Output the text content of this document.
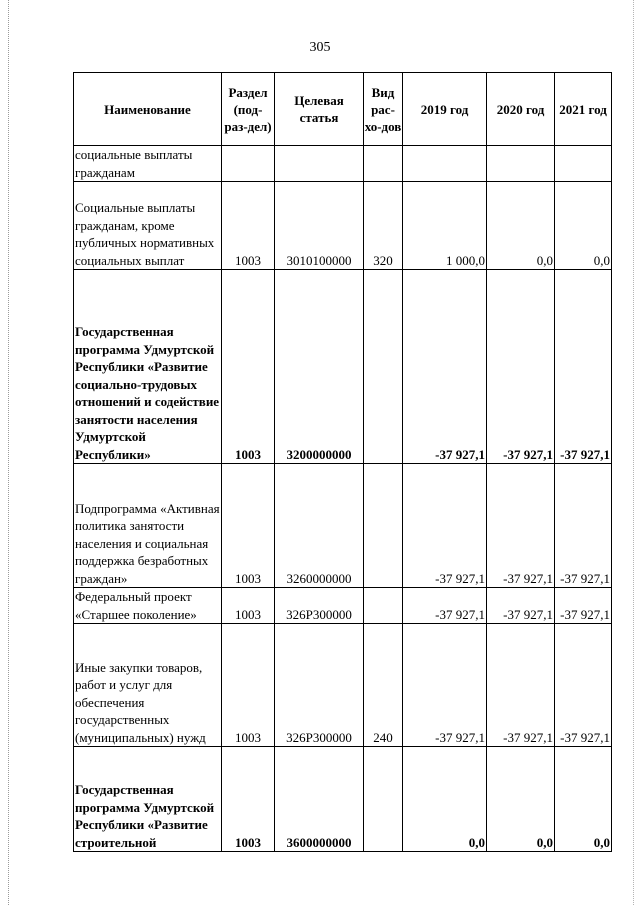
305
Наименование	Раздел (под-раз-дел)	Целевая статья	Вид рас-хо-дов	2019 год	2020 год	2021 год
социальные выплаты гражданам						
Социальные выплаты гражданам, кроме публичных нормативных социальных выплат	1003	3010100000	320	1 000,0	0,0	0,0
Государственная программа Удмуртской Республики «Развитие социально-трудовых отношений и содействие занятости населения Удмуртской Республики»	1003	3200000000		-37 927,1	-37 927,1	-37 927,1
Подпрограмма «Активная политика занятости населения и социальная поддержка безработных граждан»	1003	3260000000		-37 927,1	-37 927,1	-37 927,1
Федеральный проект «Старшее поколение»	1003	326P300000		-37 927,1	-37 927,1	-37 927,1
Иные закупки товаров, работ и услуг для обеспечения государственных (муниципальных) нужд	1003	326P300000	240	-37 927,1	-37 927,1	-37 927,1
Государственная программа Удмуртской Республики «Развитие строительной	1003	3600000000		0,0	0,0	0,0
